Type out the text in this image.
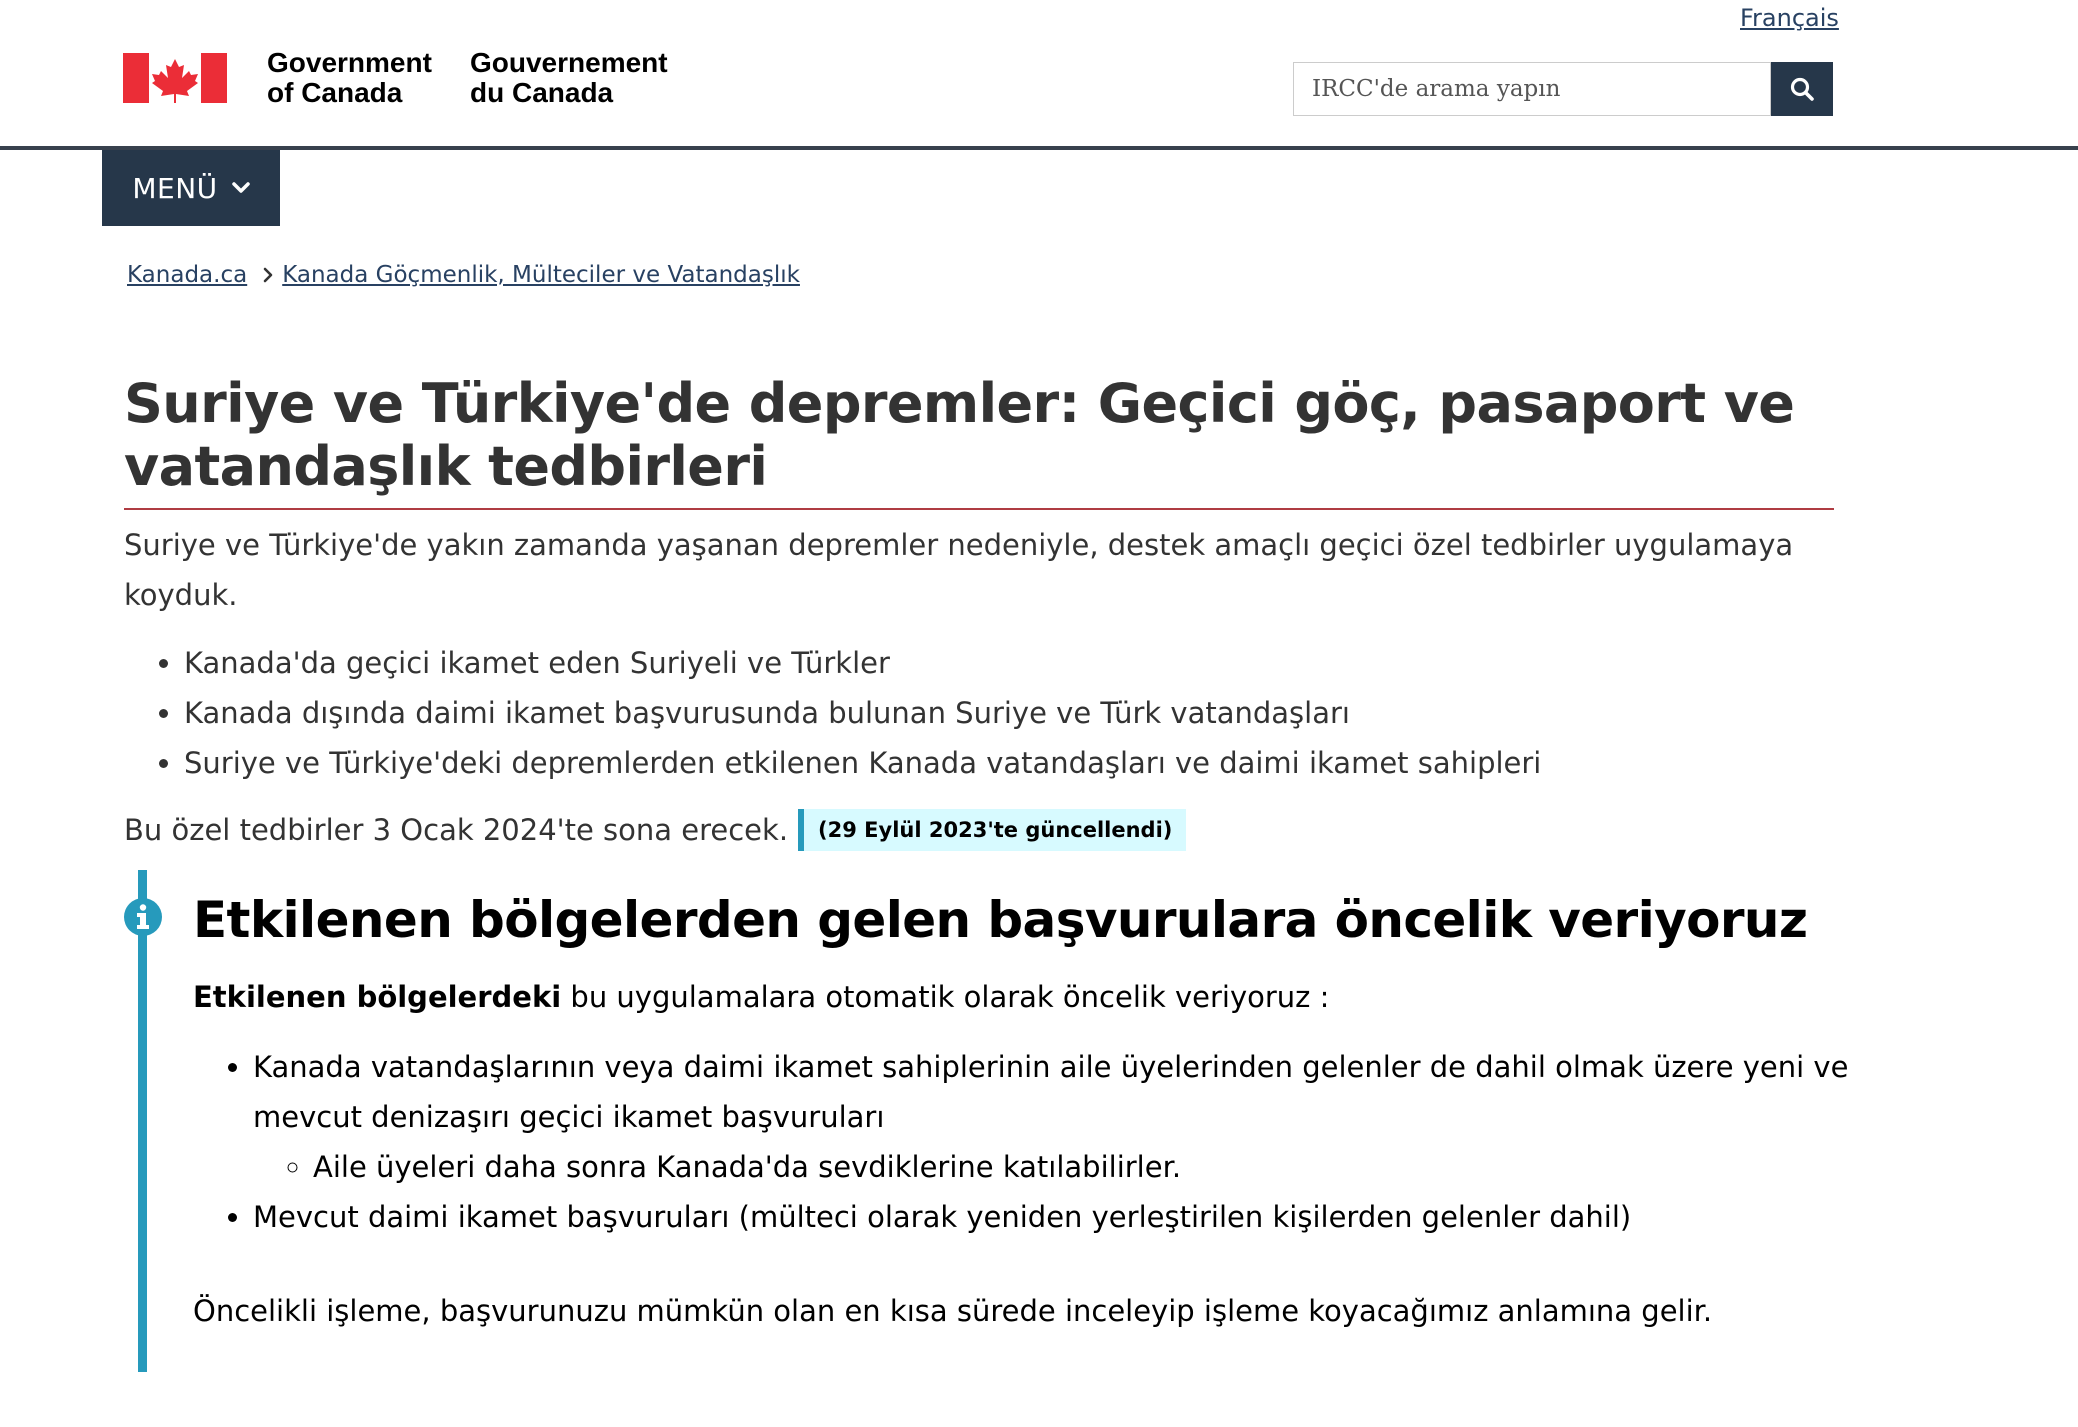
Français
Government
of Canada
Gouvernement
du Canada
IRCC'de arama yapın
MENÜ
Kanada.ca Kanada Göçmenlik, Mülteciler ve Vatandaşlık
Suriye ve Türkiye'de depremler: Geçici göç, pasaport ve vatandaşlık tedbirleri

Suriye ve Türkiye'de yakın zamanda yaşanan depremler nedeniyle, destek amaçlı geçici özel tedbirler uygulamaya koyduk.

• Kanada'da geçici ikamet eden Suriyeli ve Türkler
• Kanada dışında daimi ikamet başvurusunda bulunan Suriye ve Türk vatandaşları
• Suriye ve Türkiye'deki depremlerden etkilenen Kanada vatandaşları ve daimi ikamet sahipleri
Bu özel tedbirler 3 Ocak 2024'te sona erecek.	(29 Eylül 2023'te güncellendi)
Etkilenen bölgelerden gelen başvurulara öncelik veriyoruz

Etkilenen bölgelerdeki bu uygulamalara otomatik olarak öncelik veriyoruz :

• Kanada vatandaşlarının veya daimi ikamet sahiplerinin aile üyelerinden gelenler de dahil olmak üzere yeni ve mevcut denizaşırı geçici ikamet başvuruları
◦ Aile üyeleri daha sonra Kanada'da sevdiklerine katılabilirler.
• Mevcut daimi ikamet başvuruları (mülteci olarak yeniden yerleştirilen kişilerden gelenler dahil)

Öncelikli işleme, başvurunuzu mümkün olan en kısa sürede inceleyip işleme koyacağımız anlamına gelir.
